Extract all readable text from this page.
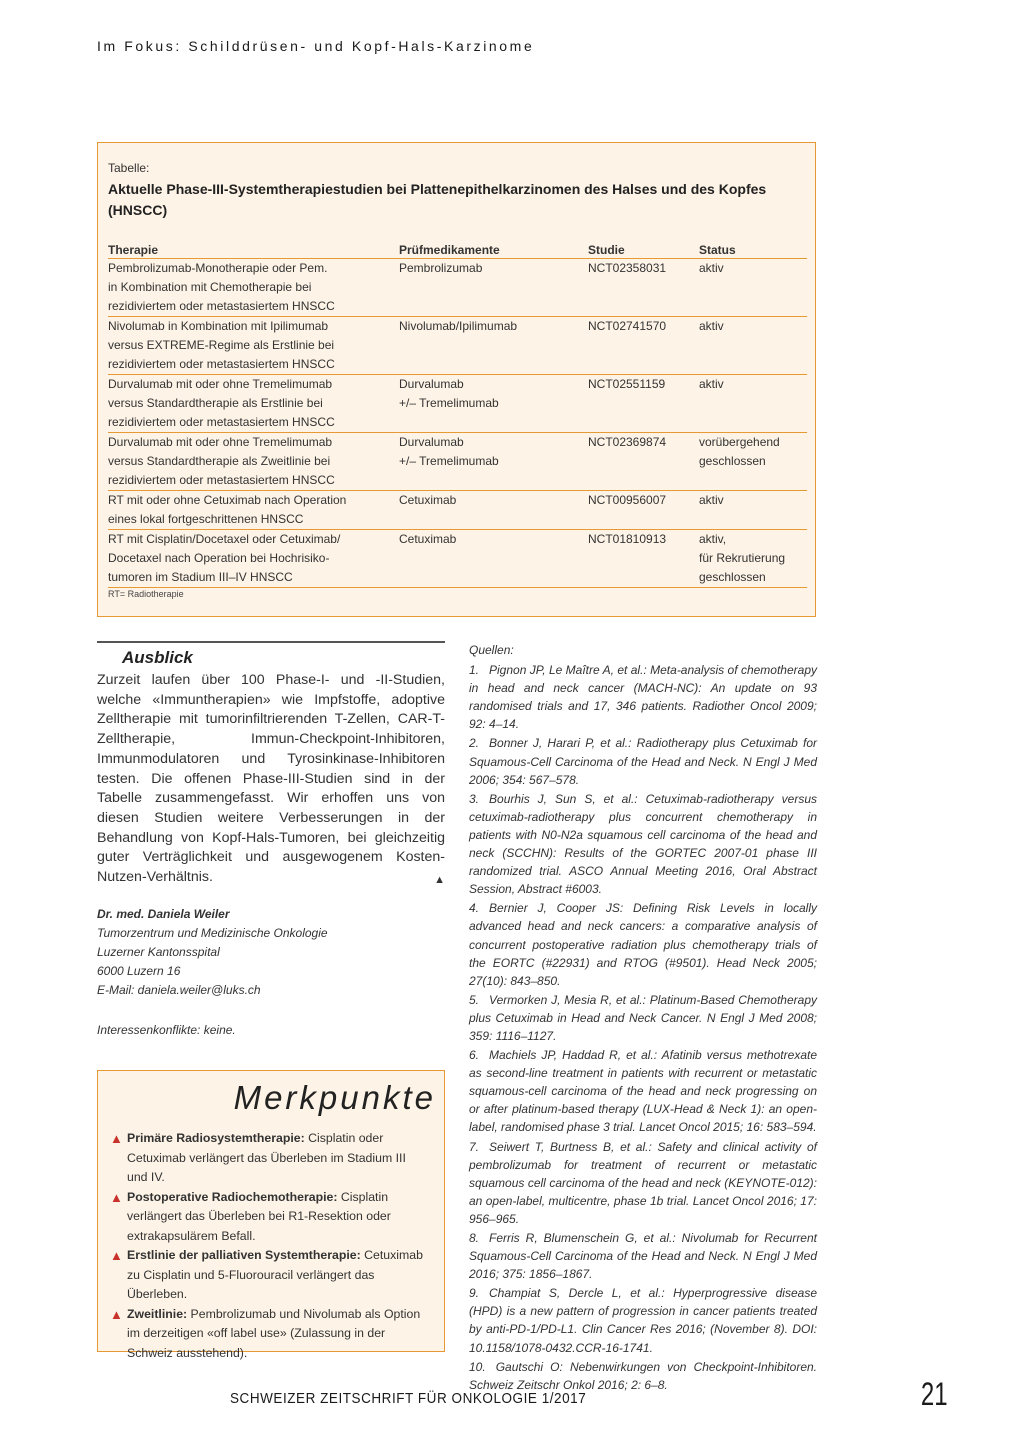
Im Fokus: Schilddrüsen- und Kopf-Hals-Karzinome
Tabelle:
Aktuelle Phase-III-Systemtherapiestudien bei Plattenepithelkarzinomen des Halses und des Kopfes (HNSCC)
Therapie	Prüfmedikamente	Studie	Status

Pembrolizumab-Monotherapie oder Pem.
in Kombination mit Chemotherapie bei
rezidiviertem oder metastasiertem HNSCC	Pembrolizumab	NCT02358031	aktiv

Nivolumab in Kombination mit Ipilimumab
versus EXTREME-Regime als Erstlinie bei
rezidiviertem oder metastasiertem HNSCC	Nivolumab/Ipilimumab	NCT02741570	aktiv

Durvalumab mit oder ohne Tremelimumab
versus Standardtherapie als Erstlinie bei
rezidiviertem oder metastasiertem HNSCC	Durvalumab
+/– Tremelimumab	NCT02551159	aktiv

Durvalumab mit oder ohne Tremelimumab
versus Standardtherapie als Zweitlinie bei
rezidiviertem oder metastasiertem HNSCC	Durvalumab
+/– Tremelimumab	NCT02369874	vorübergehend
geschlossen

RT mit oder ohne Cetuximab nach Operation
eines lokal fortgeschrittenen HNSCC	Cetuximab	NCT00956007	aktiv

RT mit Cisplatin/Docetaxel oder Cetuximab/
Docetaxel nach Operation bei Hochrisiko-
tumoren im Stadium III–IV HNSCC	Cetuximab	NCT01810913	aktiv,
für Rekrutierung
geschlossen
RT= Radiotherapie
Ausblick
Zurzeit laufen über 100 Phase-I- und -II-Studien, welche «Immuntherapien» wie Impfstoffe, adoptive Zelltherapie mit tumorinfiltrierenden T-Zellen, CAR-T-Zelltherapie, Immun-Checkpoint-Inhibitoren, Immunmodulatoren und Tyrosinkinase-Inhibitoren testen. Die offenen Phase-III-Studien sind in der Tabelle zusammengefasst. Wir erhoffen uns von diesen Studien weitere Verbesserungen in der Behandlung von Kopf-Hals-Tumoren, bei gleichzeitig guter Verträglichkeit und ausgewogenem Kosten-Nutzen-Verhältnis.	▲
Dr. med. Daniela Weiler
Tumorzentrum und Medizinische Onkologie
Luzerner Kantonsspital
6000 Luzern 16
E-Mail: daniela.weiler@luks.ch
Interessenkonflikte: keine.
Merkpunkte
▲ Primäre Radiosystemtherapie: Cisplatin oder Cetuximab verlängert das Überleben im Stadium III und IV.
▲ Postoperative Radiochemotherapie: Cisplatin verlängert das Überleben bei R1-Resektion oder extrakapsulärem Befall.
▲ Erstlinie der palliativen Systemtherapie: Cetuximab zu Cisplatin und 5-Fluorouracil verlängert das Überleben.
▲ Zweitlinie: Pembrolizumab und Nivolumab als Option im derzeitigen «off label use» (Zulassung in der Schweiz ausstehend).
Quellen:
1. Pignon JP, Le Maître A, et al.: Meta-analysis of chemotherapy in head and neck cancer (MACH-NC): An update on 93 randomised trials and 17, 346 patients. Radiother Oncol 2009; 92: 4–14.
2. Bonner J, Harari P, et al.: Radiotherapy plus Cetuximab for Squamous-Cell Carcinoma of the Head and Neck. N Engl J Med 2006; 354: 567–578.
3. Bourhis J, Sun S, et al.: Cetuximab-radiotherapy versus cetuximab-radiotherapy plus concurrent chemotherapy in patients with N0-N2a squamous cell carcinoma of the head and neck (SCCHN): Results of the GORTEC 2007-01 phase III randomized trial. ASCO Annual Meeting 2016, Oral Abstract Session, Abstract #6003.
4. Bernier J, Cooper JS: Defining Risk Levels in locally advanced head and neck cancers: a comparative analysis of concurrent postoperative radiation plus chemotherapy trials of the EORTC (#22931) and RTOG (#9501). Head Neck 2005; 27(10): 843–850.
5. Vermorken J, Mesia R, et al.: Platinum-Based Chemotherapy plus Cetuximab in Head and Neck Cancer. N Engl J Med 2008; 359: 1116–1127.
6. Machiels JP, Haddad R, et al.: Afatinib versus methotrexate as second-line treatment in patients with recurrent or metastatic squamous-cell carcinoma of the head and neck progressing on or after platinum-based therapy (LUX-Head & Neck 1): an open-label, randomised phase 3 trial. Lancet Oncol 2015; 16: 583–594.
7. Seiwert T, Burtness B, et al.: Safety and clinical activity of pembrolizumab for treatment of recurrent or metastatic squamous cell carcinoma of the head and neck (KEYNOTE-012): an open-label, multicentre, phase 1b trial. Lancet Oncol 2016; 17: 956–965.
8. Ferris R, Blumenschein G, et al.: Nivolumab for Recurrent Squamous-Cell Carcinoma of the Head and Neck. N Engl J Med 2016; 375: 1856–1867.
9. Champiat S, Dercle L, et al.: Hyperprogressive disease (HPD) is a new pattern of progression in cancer patients treated by anti-PD-1/PD-L1. Clin Cancer Res 2016; (November 8). DOI: 10.1158/1078-0432.CCR-16-1741.
10. Gautschi O: Nebenwirkungen von Checkpoint-Inhibitoren. Schweiz Zeitschr Onkol 2016; 2: 6–8.
SCHWEIZER ZEITSCHRIFT FÜR ONKOLOGIE 1/2017	21
